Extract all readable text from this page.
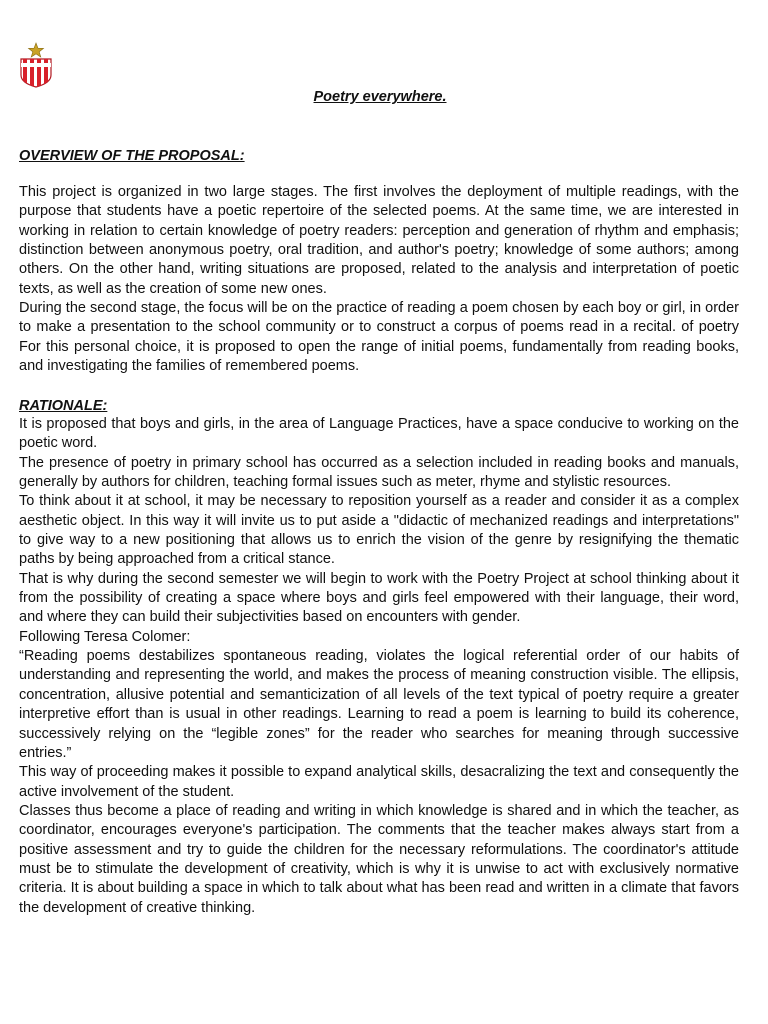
Poetry everywhere.
OVERVIEW OF THE PROPOSAL:

This project is organized in two large stages. The first involves the deployment of multiple readings, with the purpose that students have a poetic repertoire of the selected poems. At the same time, we are interested in working in relation to certain knowledge of poetry readers: perception and generation of rhythm and emphasis; distinction between anonymous poetry, oral tradition, and author's poetry; knowledge of some authors; among others. On the other hand, writing situations are proposed, related to the analysis and interpretation of poetic texts, as well as the creation of some new ones.

During the second stage, the focus will be on the practice of reading a poem chosen by each boy or girl, in order to make a presentation to the school community or to construct a corpus of poems read in a recital. of poetry For this personal choice, it is proposed to open the range of initial poems, fundamentally from reading books, and investigating the families of remembered poems.

RATIONALE:

It is proposed that boys and girls, in the area of Language Practices, have a space conducive to working on the poetic word.

The presence of poetry in primary school has occurred as a selection included in reading books and manuals, generally by authors for children, teaching formal issues such as meter, rhyme and stylistic resources.

To think about it at school, it may be necessary to reposition yourself as a reader and consider it as a complex aesthetic object. In this way it will invite us to put aside a "didactic of mechanized readings and interpretations" to give way to a new positioning that allows us to enrich the vision of the genre by resignifying the thematic paths by being approached from a critical stance.

That is why during the second semester we will begin to work with the Poetry Project at school thinking about it from the possibility of creating a space where boys and girls feel empowered with their language, their word, and where they can build their subjectivities based on encounters with gender.

Following Teresa Colomer:

“Reading poems destabilizes spontaneous reading, violates the logical referential order of our habits of understanding and representing the world, and makes the process of meaning construction visible. The ellipsis, concentration, allusive potential and semanticization of all levels of the text typical of poetry require a greater interpretive effort than is usual in other readings. Learning to read a poem is learning to build its coherence, successively relying on the “legible zones” for the reader who searches for meaning through successive entries.”

This way of proceeding makes it possible to expand analytical skills, desacralizing the text and consequently the active involvement of the student.

Classes thus become a place of reading and writing in which knowledge is shared and in which the teacher, as coordinator, encourages everyone's participation. The comments that the teacher makes always start from a positive assessment and try to guide the children for the necessary reformulations. The coordinator's attitude must be to stimulate the development of creativity, which is why it is unwise to act with exclusively normative criteria. It is about building a space in which to talk about what has been read and written in a climate that favors the development of creative thinking.
